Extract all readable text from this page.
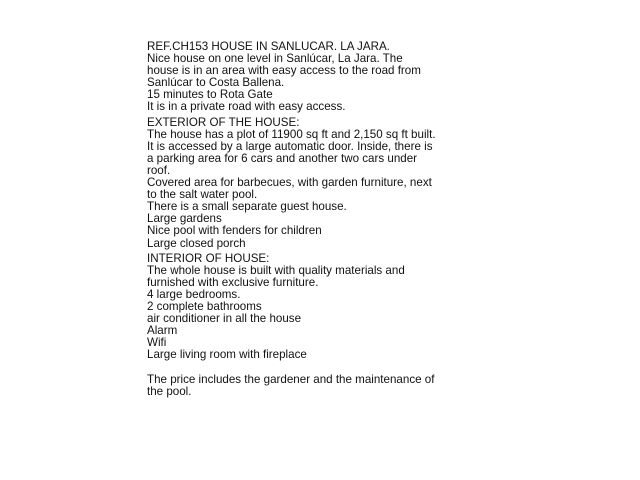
REF.CH153 HOUSE IN SANLUCAR. LA JARA.
Nice house on one level in Sanlúcar, La Jara. The
house is in an area with easy access to the road from
Sanlúcar to Costa Ballena.
15 minutes to Rota Gate
It is in a private road with easy access.
EXTERIOR OF THE HOUSE:
The house has a plot of 11900 sq ft and 2,150 sq ft built.
It is accessed by a large automatic door. Inside, there is
a parking area for 6 cars and another two cars under
roof.
Covered area for barbecues, with garden furniture, next
to the salt water pool.
There is a small separate guest house.
Large gardens
Nice pool with fenders for children
Large closed porch
INTERIOR OF HOUSE:
The whole house is built with quality materials and
furnished with exclusive furniture.
4 large bedrooms.
2 complete bathrooms
air conditioner in all the house
Alarm
Wifi
Large living room with fireplace
The price includes the gardener and the maintenance of
the pool.
